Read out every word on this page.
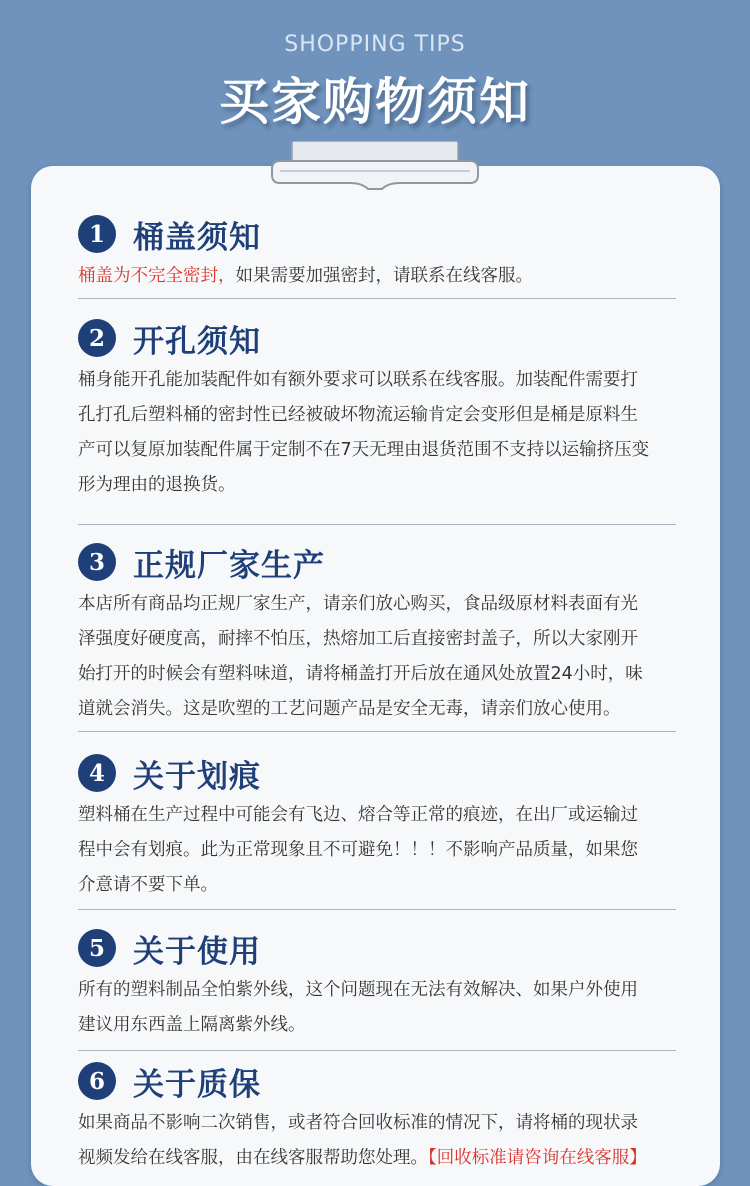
SHOPPING TIPS
买家购物须知
1 桶盖须知
桶盖为不完全密封，如果需要加强密封，请联系在线客服。
2 开孔须知
桶身能开孔能加装配件如有额外要求可以联系在线客服。加装配件需要打
孔打孔后塑料桶的密封性已经被破坏物流运输肯定会变形但是桶是原料生
产可以复原加装配件属于定制不在7天无理由退货范围不支持以运输挤压变
形为理由的退换货。
3 正规厂家生产
本店所有商品均正规厂家生产，请亲们放心购买，食品级原材料表面有光
泽强度好硬度高，耐摔不怕压，热熔加工后直接密封盖子，所以大家刚开
始打开的时候会有塑料味道，请将桶盖打开后放在通风处放置24小时，味
道就会消失。这是吹塑的工艺问题产品是安全无毒，请亲们放心使用。
4 关于划痕
塑料桶在生产过程中可能会有飞边、熔合等正常的痕迹，在出厂或运输过
程中会有划痕。此为正常现象且不可避免！！！不影响产品质量，如果您
介意请不要下单。
5 关于使用
所有的塑料制品全怕紫外线，这个问题现在无法有效解决、如果户外使用
建议用东西盖上隔离紫外线。
6 关于质保
如果商品不影响二次销售，或者符合回收标准的情况下，请将桶的现状录
视频发给在线客服，由在线客服帮助您处理。【回收标准请咨询在线客服】
